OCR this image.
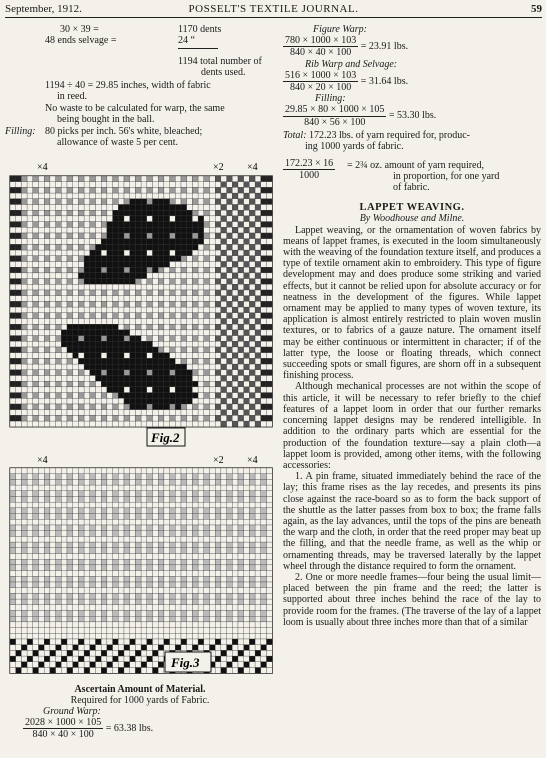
September, 1912.	POSSELT'S TEXTILE JOURNAL.	59
30 × 39 =	1170 dents
48 ends selvage =	24 “
1194 total number of
dents used.
1194 ÷ 40 = 29.85 inches, width of fabric
in reed.
No waste to be calculated for warp, the same
being bought in the ball.
Filling: 80 picks per inch. 56's white, bleached;
allowance of waste 5 per cent.
×4	×2 ×4
×4	×2 ×4
Fig.2
Fig.3
Ascertain Amount of Material.
Required for 1000 yards of Fabric.
Ground Warp:
$\frac{2028 \times 1000 \times 105}{840 \times 40 \times 100} = 63.38$ lbs.
Figure Warp:
$\frac{780 \times 1000 \times 103}{840 \times 40 \times 100} = 23.91$ lbs.
Rib Warp and Selvage:
$\frac{516 \times 1000 \times 103}{840 \times 20 \times 100} = 31.64$ lbs.
Filling:
$\frac{29.85 \times 80 \times 1000 \times 105}{840 \times 56 \times 100} = 53.30$ lbs.
Total: 172.23 lbs. of yarn required for, produc-
ing 1000 yards of fabric.
$\frac{172.23 \times 16}{1000}$ = 2¾ oz. amount of yarn required,
in proportion, for one yard
of fabric.
LAPPET WEAVING.
By Woodhouse and Milne.

Lappet weaving, or the ornamentation of woven fabrics by means of lappet frames, is executed in the loom simultaneously with the weaving of the foundation texture itself, and produces a type of textile ornament akin to embroidery. This type of figure development may and does produce some striking and varied effects, but it cannot be relied upon for absolute accuracy or for neatness in the development of the figures. While lappet ornament may be applied to many types of woven texture, its application is almost entirely restricted to plain woven muslin textures, or to fabrics of a gauze nature. The ornament itself may be either continuous or intermittent in character; if of the latter type, the loose or floating threads, which connect succeeding spots or small figures, are shorn off in a subsequent finishing process.

Although mechanical processes are not within the scope of this article, it will be necessary to refer briefly to the chief features of a lappet loom in order that our further remarks concerning lappet designs may be rendered intelligible. In addition to the ordinary parts which are essential for the production of the foundation texture—say a plain cloth—a lappet loom is provided, among other items, with the following accessories:

1. A pin frame, situated immediately behind the race of the lay; this frame rises as the lay recedes, and presents its pins close against the race-board so as to form the back support of the shuttle as the latter passes from box to box; the frame falls again, as the lay advances, until the tops of the pins are beneath the warp and the cloth, in order that the reed proper may beat up the filling, and that the needle frame, as well as the whip or ornamenting threads, may be traversed laterally by the lappet wheel through the distance required to form the ornament.

2. One or more needle frames—four being the usual limit—placed between the pin frame and the reed; the latter is supported about three inches behind the race of the lay to provide room for the frames. (The traverse of the lay of a lappet loom is usually about three inches more than that of a similar
